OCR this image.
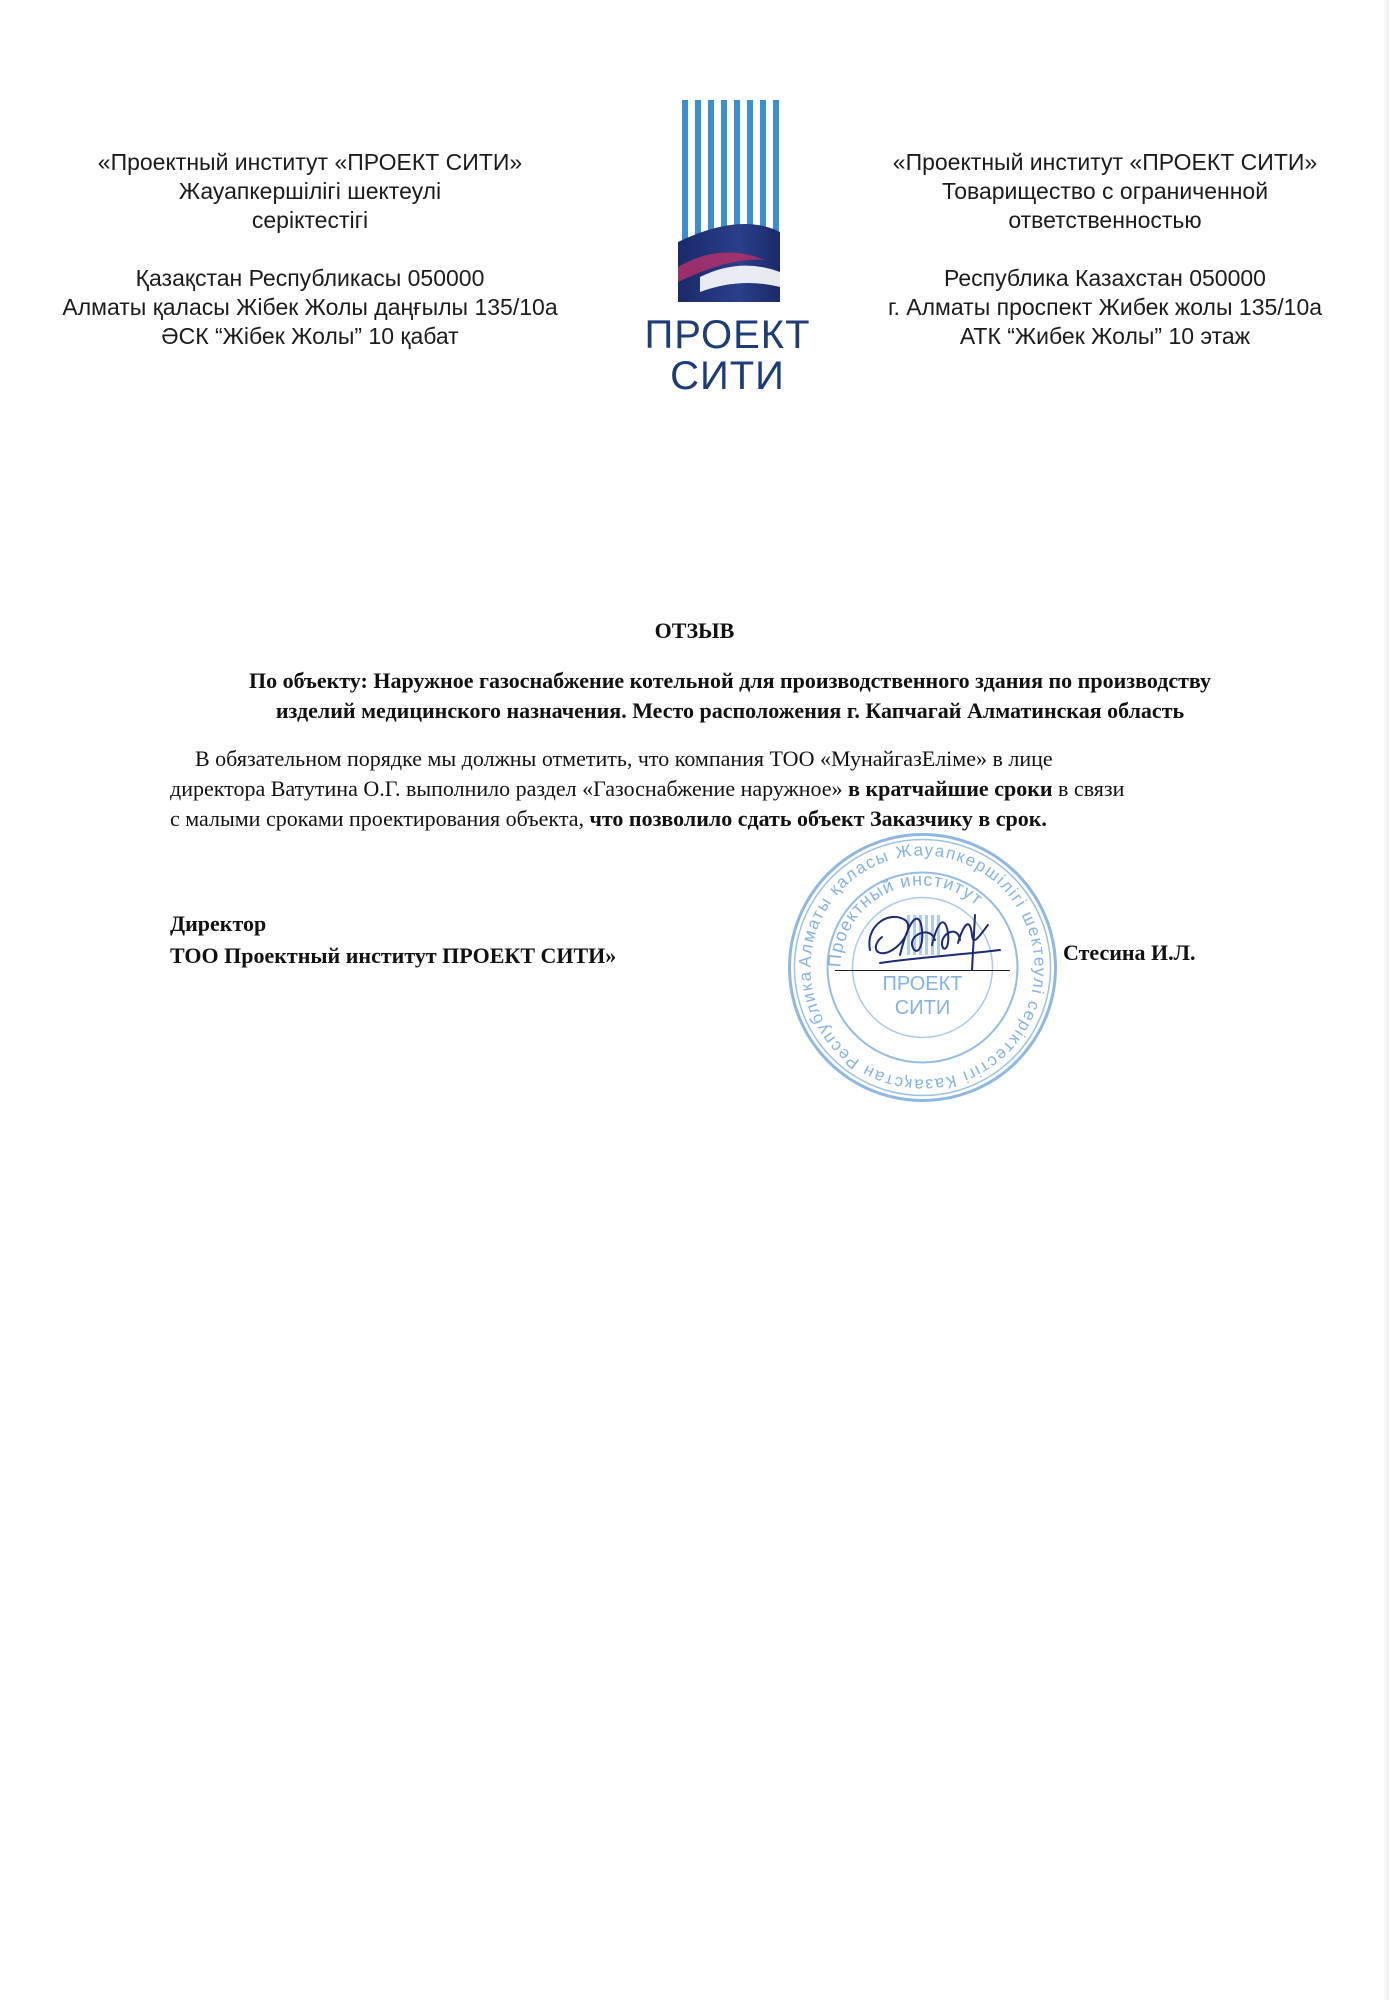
«Проектный институт «ПРОЕКТ СИТИ»
Жауапкершілігі шектеулі
серіктестігі
Қазақстан Республикасы 050000
Алматы қаласы Жібек Жолы даңғылы 135/10а
ӘСК “Жібек Жолы” 10 қабат	ПРОЕКТ
СИТИ
«Проектный институт «ПРОЕКТ СИТИ»
Товарищество с ограниченной
ответственностью
Республика Казахстан 050000
г. Алматы проспект Жибек жолы 135/10а
АТК “Жибек Жолы” 10 этаж
ОТЗЫВ
По объекту: Наружное газоснабжение котельной для производственного здания по производству
изделий медицинского назначения. Место расположения г. Капчагай Алматинская область
В обязательном порядке мы должны отметить, что компания ТОО «МунайгазЕліме» в лице
директора Ватутина О.Г. выполнило раздел «Газоснабжение наружное» в кратчайшие сроки в связи
с малыми сроками проектирования объекта, что позволило сдать объект Заказчику в срок.
Директор
ТОО Проектный институт ПРОЕКТ СИТИ»	Алматы қаласы Жауапкершілігі шектеулі серіктестігі Казақстан Республика
Проектный институт
ПРОЕКТ
СИТИ
Стесина И.Л.
